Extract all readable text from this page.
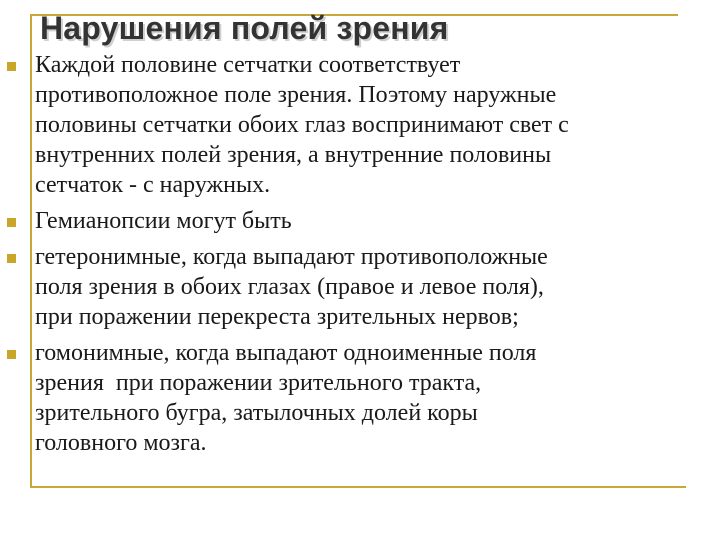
Нарушения полей зрения
Каждой половине сетчатки соответствует
противоположное поле зрения. Поэтому наружные
половины сетчатки обоих глаз воспринимают свет с
внутренних полей зрения, а внутренние половины
сетчаток - с наружных.
Гемианопсии могут быть
гетеронимные, когда выпадают противоположные
поля зрения в обоих глазах (правое и левое поля),
при поражении перекреста зрительных нервов;
гомонимные, когда выпадают одноименные поля
зрения  при поражении зрительного тракта,
зрительного бугра, затылочных долей коры
головного мозга.
